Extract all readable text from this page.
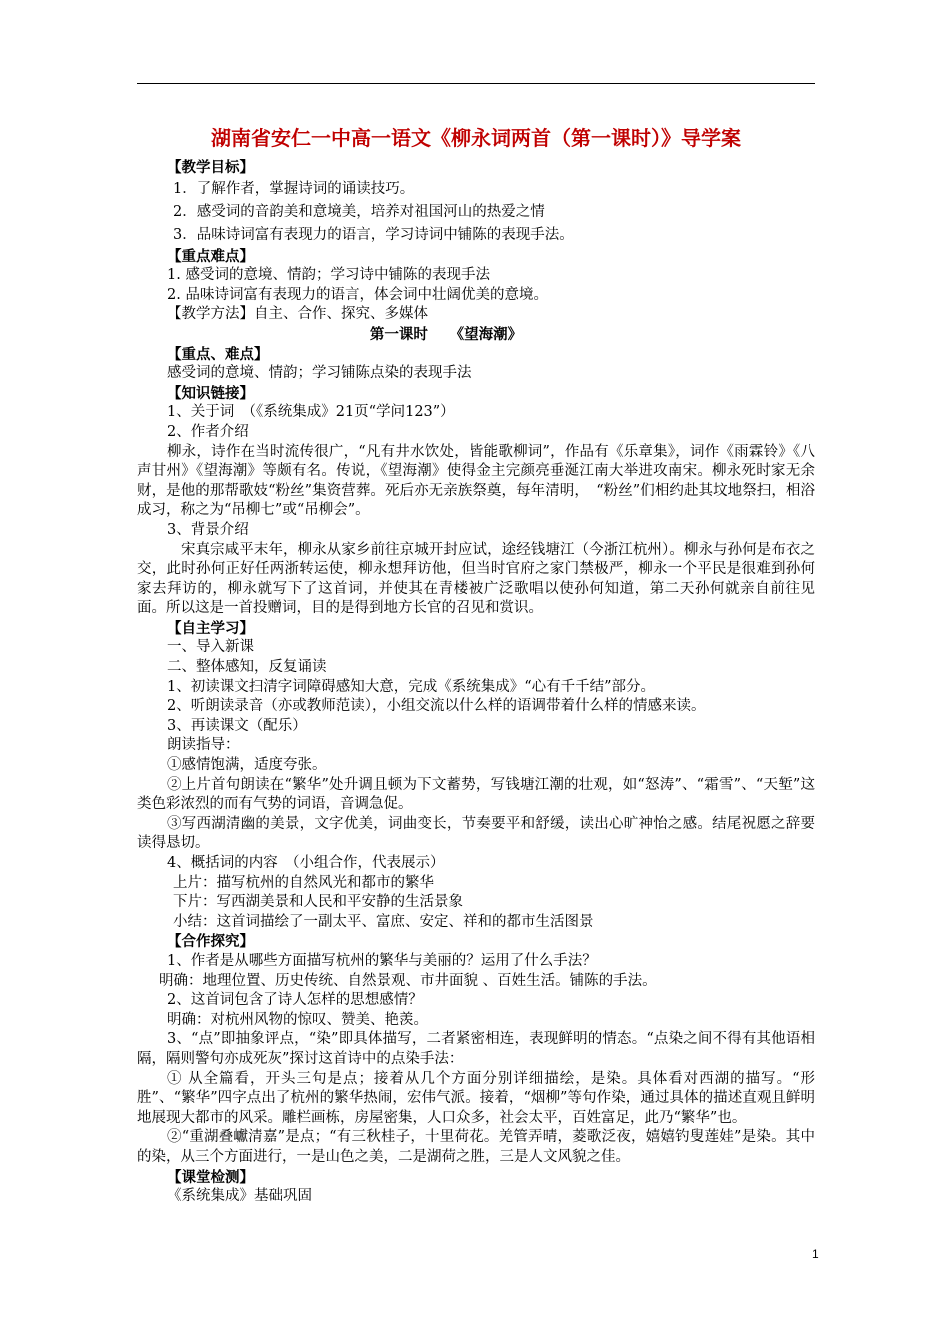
湖南省安仁一中高一语文《柳永词两首（第一课时）》导学案
【教学目标】
1．了解作者，掌握诗词的诵读技巧。
2．感受词的音韵美和意境美，培养对祖国河山的热爱之情
3．品味诗词富有表现力的语言，学习诗词中铺陈的表现手法。
【重点难点】
1. 感受词的意境、情韵；学习诗中铺陈的表现手法
2. 品味诗词富有表现力的语言，体会词中壮阔优美的意境。
【教学方法】自主、合作、探究、多媒体
第一课时　　《望海潮》
【重点、难点】
感受词的意境、情韵；学习铺陈点染的表现手法
【知识链接】
1、关于词　（《系统集成》21页“学问123”）
2、作者介绍
柳永，诗作在当时流传很广，“凡有井水饮处，皆能歌柳词”，作品有《乐章集》，词作《雨霖铃》《八声甘州》《望海潮》等颇有名。传说，《望海潮》使得金主完颜亮垂涎江南大举进攻南宋。柳永死时家无余财，是他的那帮歌妓“粉丝”集资营葬。死后亦无亲族祭奠，每年清明，　“粉丝”们相约赴其坟地祭扫，相浴成习，称之为“吊柳七”或“吊柳会”。
3、背景介绍
宋真宗咸平末年，柳永从家乡前往京城开封应试，途经钱塘江（今浙江杭州）。柳永与孙何是布衣之交，此时孙何正好任两浙转运使，柳永想拜访他，但当时官府之家门禁极严，柳永一个平民是很难到孙何家去拜访的，柳永就写下了这首词，并使其在青楼被广泛歌唱以使孙何知道，第二天孙何就亲自前往见面。所以这是一首投赠词，目的是得到地方长官的召见和赏识。
【自主学习】
一、导入新课
二、整体感知，反复诵读
1、初读课文扫清字词障碍感知大意，完成《系统集成》“心有千千结”部分。
2、听朗读录音（亦或教师范读），小组交流以什么样的语调带着什么样的情感来读。
3、再读课文（配乐）
朗读指导：
①感情饱满，适度夸张。
②上片首句朗读在“繁华”处升调且顿为下文蓄势，写钱塘江潮的壮观，如“怒涛”、“霜雪”、“天堑”这类色彩浓烈的而有气势的词语，音调急促。
③写西湖清幽的美景，文字优美，词曲变长，节奏要平和舒缓，读出心旷神怡之感。结尾祝愿之辞要读得恳切。
4、概括词的内容　（小组合作，代表展示）
上片：描写杭州的自然风光和都市的繁华
下片：写西湖美景和人民和平安静的生活景象
小结：这首词描绘了一副太平、富庶、安定、祥和的都市生活图景
【合作探究】
1、作者是从哪些方面描写杭州的繁华与美丽的？运用了什么手法？
明确：地理位置、历史传统、自然景观、市井面貌 、百姓生活。铺陈的手法。
2、这首词包含了诗人怎样的思想感情？
明确：对杭州风物的惊叹、赞美、艳羡。
3、“点”即抽象评点，“染”即具体描写，二者紧密相连，表现鲜明的情态。“点染之间不得有其他语相隔，隔则警句亦成死灰”探讨这首诗中的点染手法：
① 从全篇看，开头三句是点；接着从几个方面分别详细描绘，是染。具体看对西湖的描写。“形胜”、“繁华”四字点出了杭州的繁华热闹，宏伟气派。接着，“烟柳”等句作染，通过具体的描述直观且鲜明地展现大都市的风采。雕栏画栋，房屋密集，人口众多，社会太平，百姓富足，此乃“繁华”也。
②“重湖叠巘清嘉”是点；“有三秋桂子，十里荷花。羌管弄晴，菱歌泛夜，嬉嬉钓叟莲娃”是染。其中的染，从三个方面进行，一是山色之美，二是湖荷之胜，三是人文风貌之佳。
【课堂检测】
《系统集成》基础巩固
1
